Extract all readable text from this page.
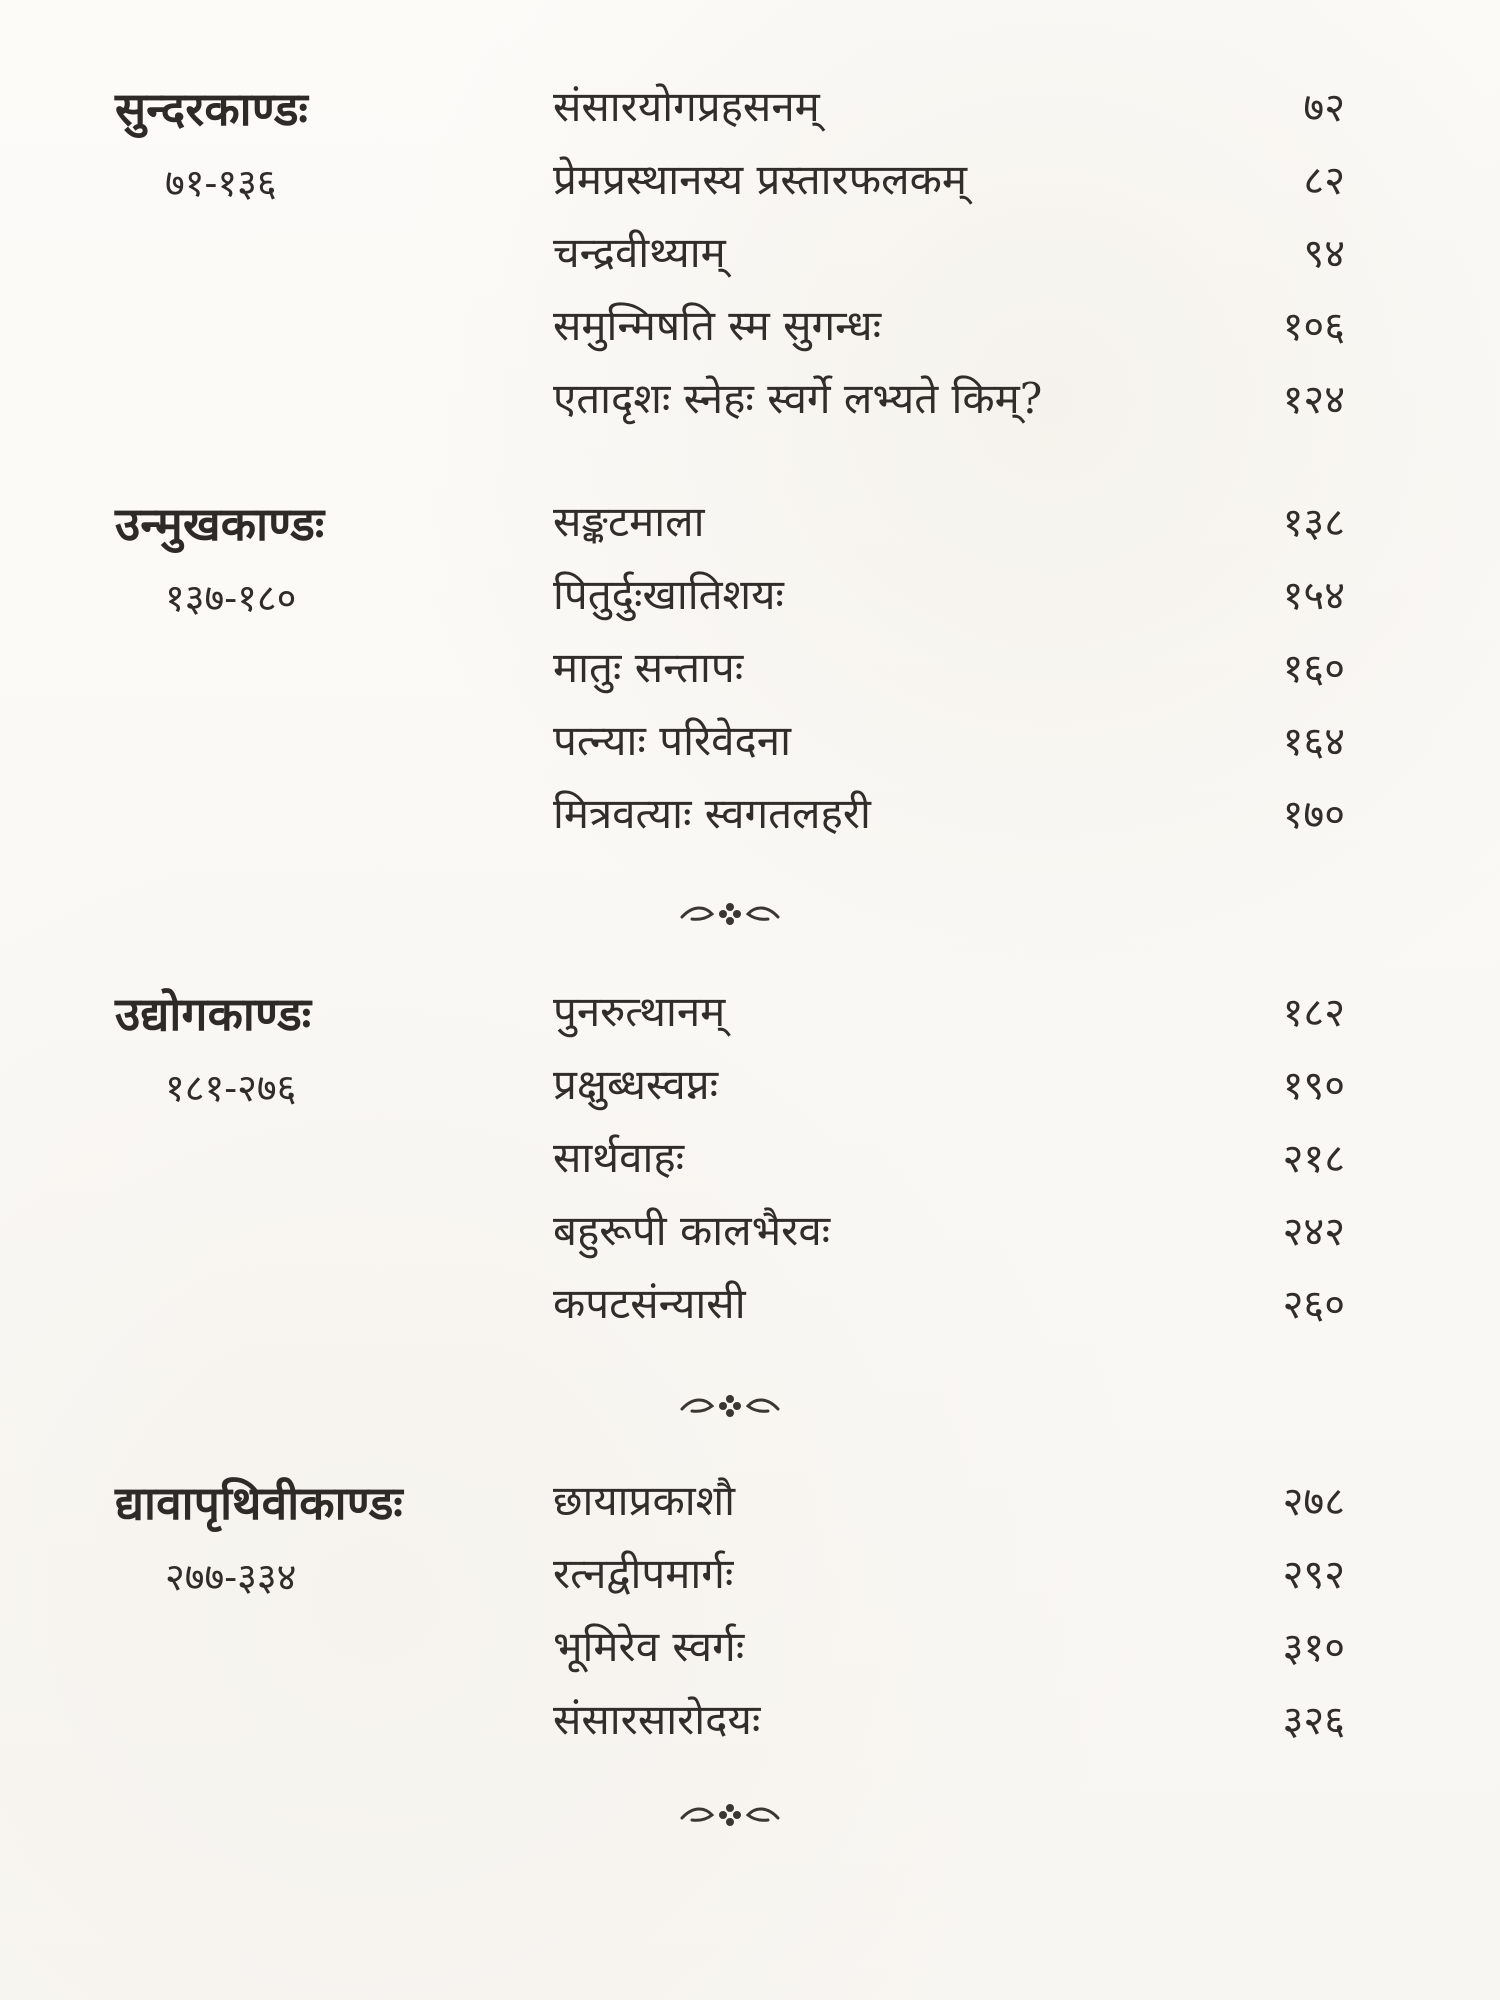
सुन्दरकाण्डः
७१-१३६
संसारयोगप्रहसनम्	७२
प्रेमप्रस्थानस्य प्रस्तारफलकम्	८२
चन्द्रवीथ्याम्	९४
समुन्मिषति स्म सुगन्धः	१०६
एतादृशः स्नेहः स्वर्गे लभ्यते किम्?	१२४
उन्मुखकाण्डः
१३७-१८०
सङ्कटमाला	१३८
पितुर्दुःखातिशयः	१५४
मातुः सन्तापः	१६०
पत्न्याः परिवेदना	१६४
मित्रवत्याः स्वगतलहरी	१७०
उद्योगकाण्डः
१८१-२७६
पुनरुत्थानम्	१८२
प्रक्षुब्धस्वप्नः	१९०
सार्थवाहः	२१८
बहुरूपी कालभैरवः	२४२
कपटसंन्यासी	२६०
द्यावापृथिवीकाण्डः
२७७-३३४
छायाप्रकाशौ	२७८
रत्नद्वीपमार्गः	२९२
भूमिरेव स्वर्गः	३१०
संसारसारोदयः	३२६
